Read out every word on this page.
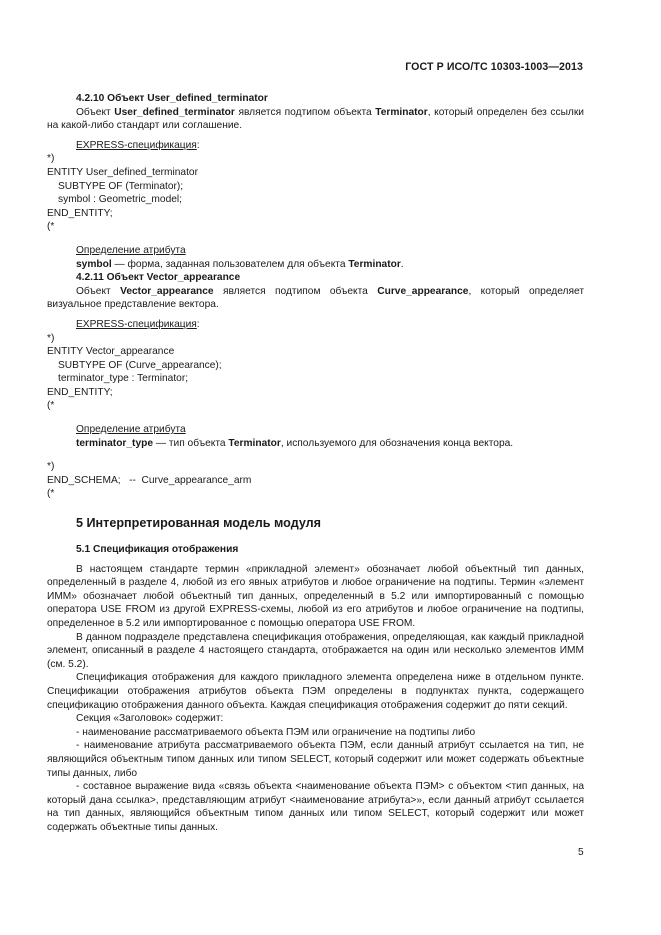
ГОСТ Р ИСО/ТС 10303-1003—2013

4.2.10 Объект User_defined_terminator

Объект User_defined_terminator является подтипом объекта Terminator, который определен без ссылки на какой-либо стандарт или соглашение.

EXPRESS-спецификация:

*)

ENTITY User_defined_terminator

SUBTYPE OF (Terminator);

symbol : Geometric_model;

END_ENTITY;

(*

Определение атрибута

symbol — форма, заданная пользователем для объекта Terminator.

4.2.11 Объект Vector_appearance

Объект Vector_appearance является подтипом объекта Curve_appearance, который определяет визуальное представление вектора.

EXPRESS-спецификация:

*)

ENTITY Vector_appearance

SUBTYPE OF (Curve_appearance);

terminator_type : Terminator;

END_ENTITY;

(*

Определение атрибута

terminator_type — тип объекта Terminator, используемого для обозначения конца вектора.

*)

END_SCHEMA;   --  Curve_appearance_arm

(*

5 Интерпретированная модель модуля

5.1 Спецификация отображения

В настоящем стандарте термин «прикладной элемент» обозначает любой объектный тип данных, определенный в разделе 4, любой из его явных атрибутов и любое ограничение на подтипы. Термин «элемент ИММ» обозначает любой объектный тип данных, определенный в 5.2 или импортированный с помощью оператора USE FROM из другой EXPRESS-схемы, любой из его атрибутов и любое ограничение на подтипы, определенное в 5.2 или импортированное с помощью оператора USE FROM.

В данном подразделе представлена спецификация отображения, определяющая, как каждый прикладной элемент, описанный в разделе 4 настоящего стандарта, отображается на один или несколько элементов ИММ (см. 5.2).

Спецификация отображения для каждого прикладного элемента определена ниже в отдельном пункте. Спецификации отображения атрибутов объекта ПЭМ определены в подпунктах пункта, содержащего спецификацию отображения данного объекта. Каждая спецификация отображения содержит до пяти секций.

Секция «Заголовок» содержит:

- наименование рассматриваемого объекта ПЭМ или ограничение на подтипы либо

- наименование атрибута рассматриваемого объекта ПЭМ, если данный атрибут ссылается на тип, не являющийся объектным типом данных или типом SELECT, который содержит или может содержать объектные типы данных, либо

- составное выражение вида «связь объекта <наименование объекта ПЭМ> с объектом <тип данных, на который дана ссылка>, представляющим атрибут <наименование атрибута>», если данный атрибут ссылается на тип данных, являющийся объектным типом данных или типом SELECT, который содержит или может содержать объектные типы данных.

5
